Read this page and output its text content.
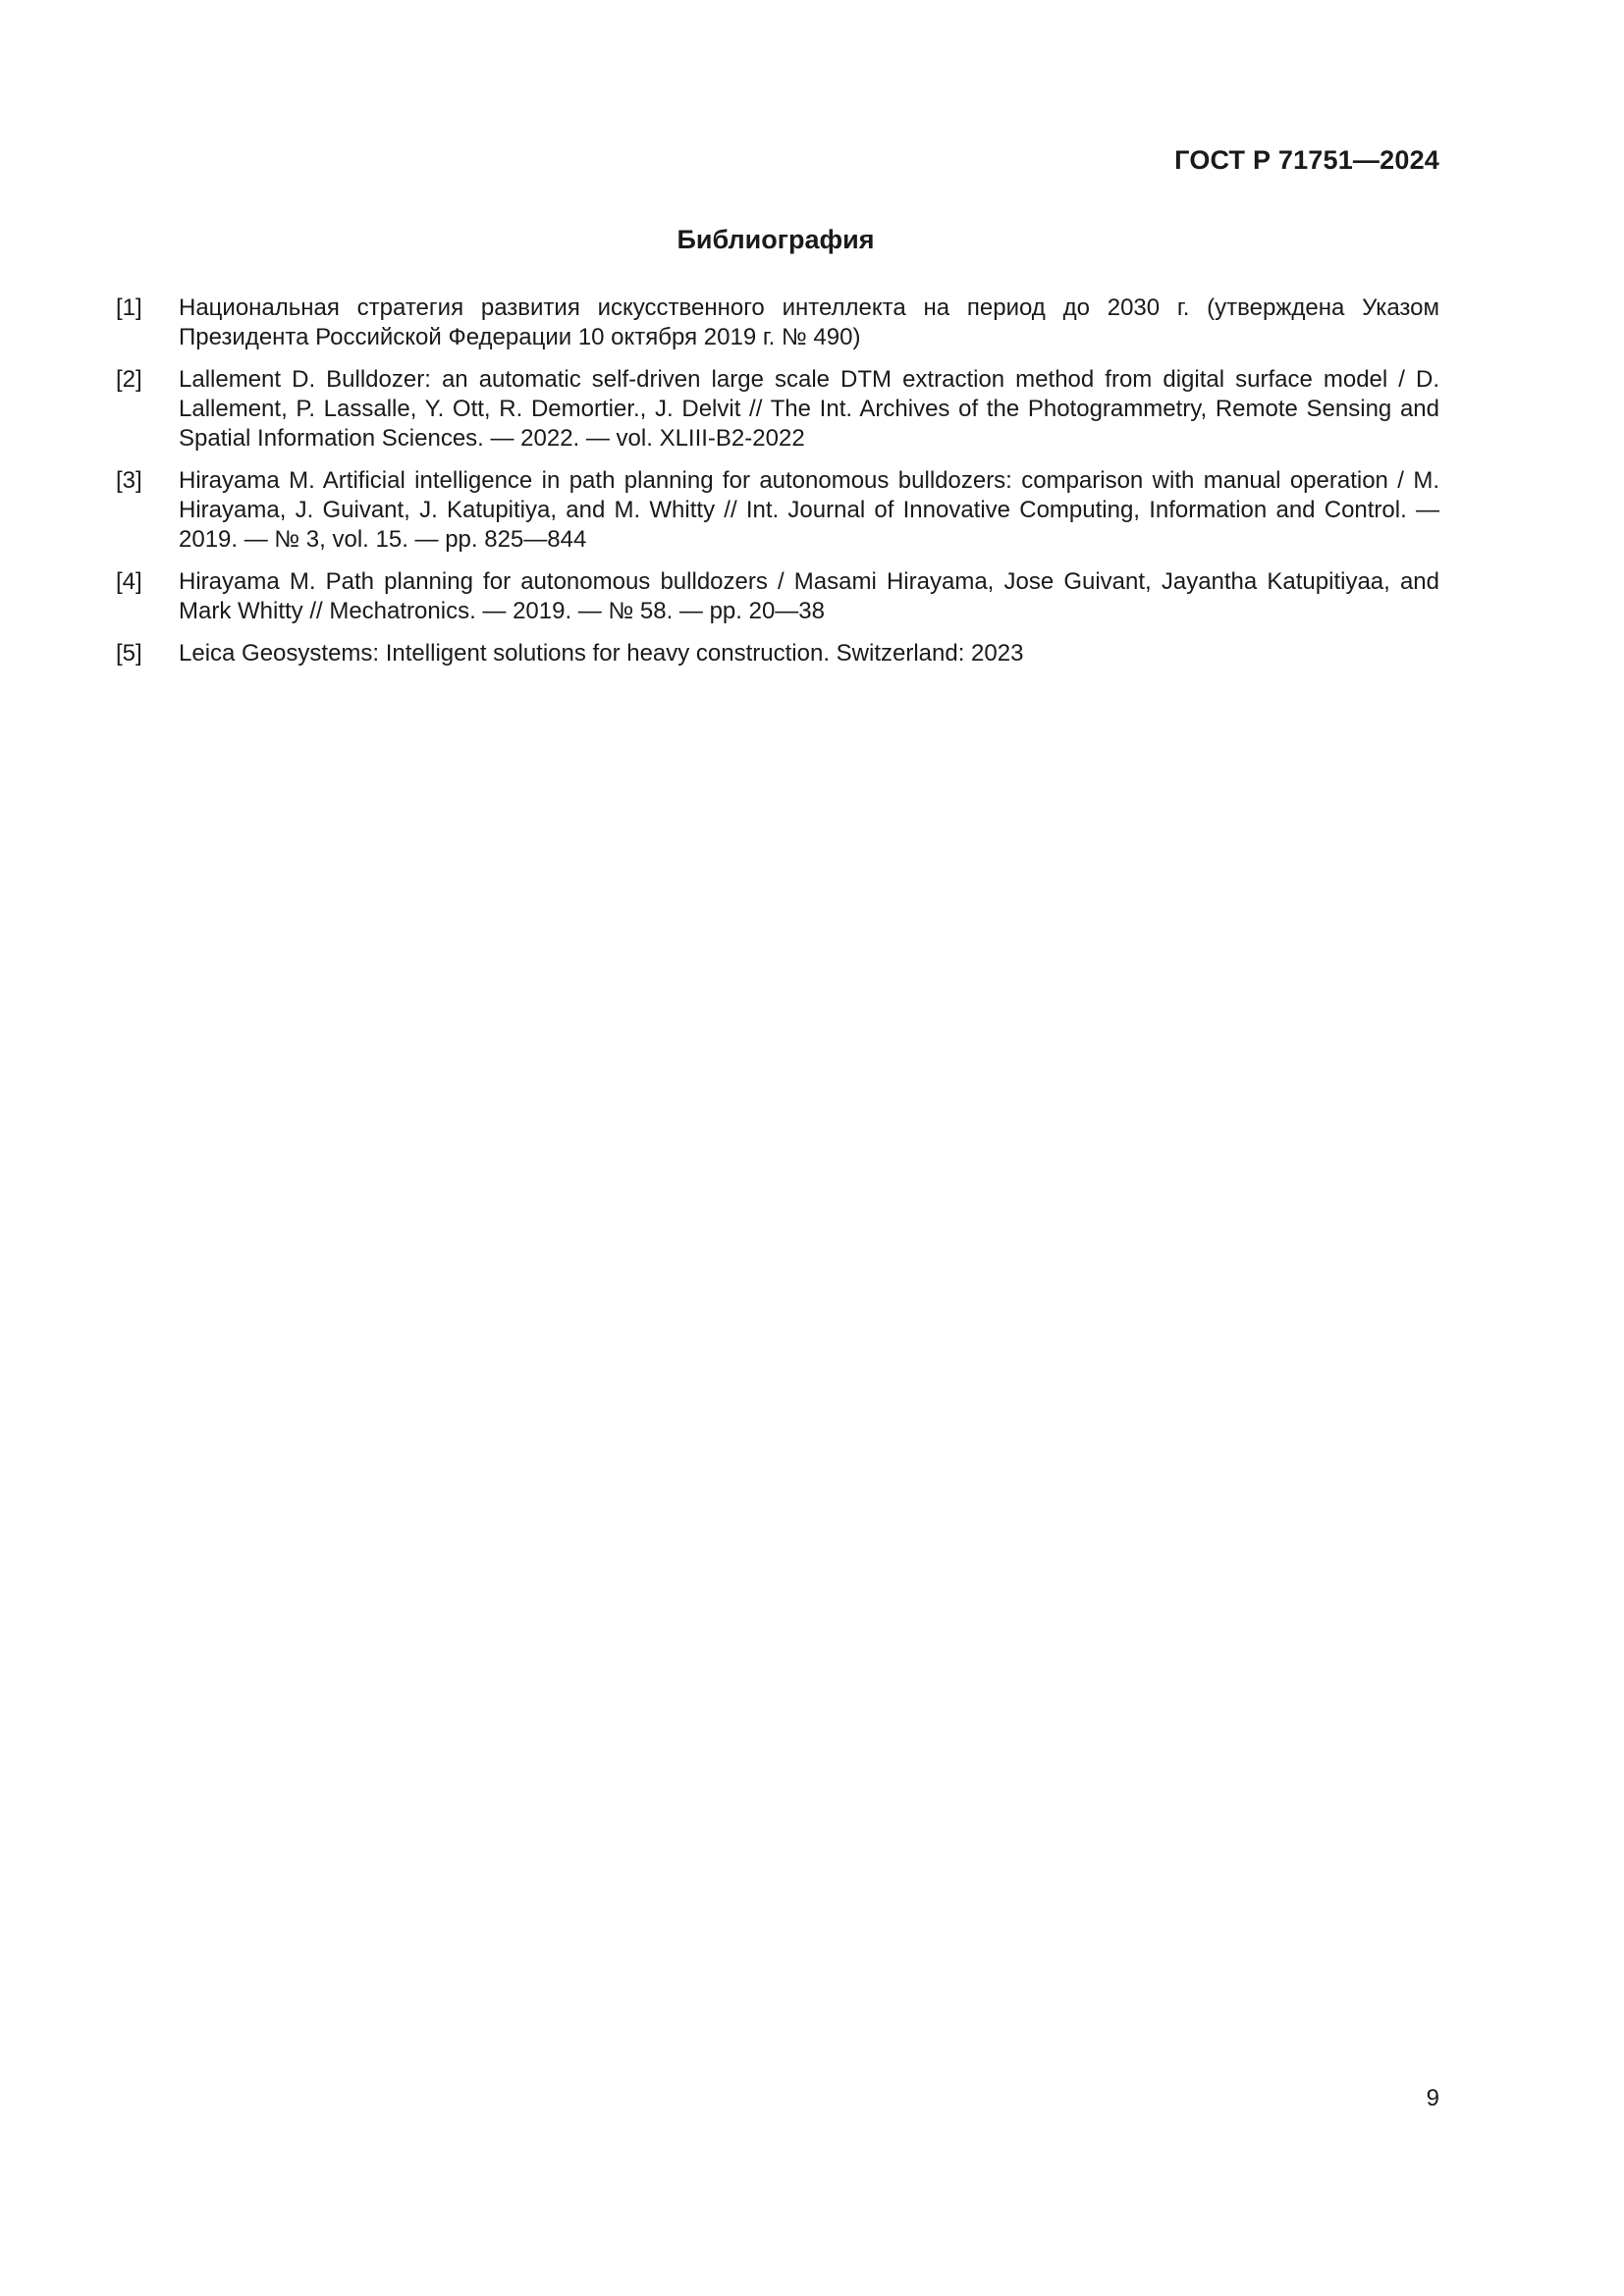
ГОСТ Р 71751—2024
Библиография
[1]	Национальная стратегия развития искусственного интеллекта на период до 2030 г. (утверждена Указом Президента Российской Федерации 10 октября 2019 г. № 490)
[2]	Lallement D. Bulldozer: an automatic self-driven large scale DTM extraction method from digital surface model / D. Lallement, P. Lassalle, Y. Ott, R. Demortier., J. Delvit // The Int. Archives of the Photogrammetry, Remote Sensing and Spatial Information Sciences. — 2022. — vol. XLIII-B2-2022
[3]	Hirayama M. Artificial intelligence in path planning for autonomous bulldozers: comparison with manual operation / M. Hirayama, J. Guivant, J. Katupitiya, and M. Whitty // Int. Journal of Innovative Computing, Information and Control. — 2019. — № 3, vol. 15. — pp. 825—844
[4]	Hirayama M. Path planning for autonomous bulldozers / Masami Hirayama, Jose Guivant, Jayantha Katupitiyaa, and Mark Whitty // Mechatronics. — 2019. — № 58. — pp. 20—38
[5]	Leica Geosystems: Intelligent solutions for heavy construction. Switzerland: 2023
9
